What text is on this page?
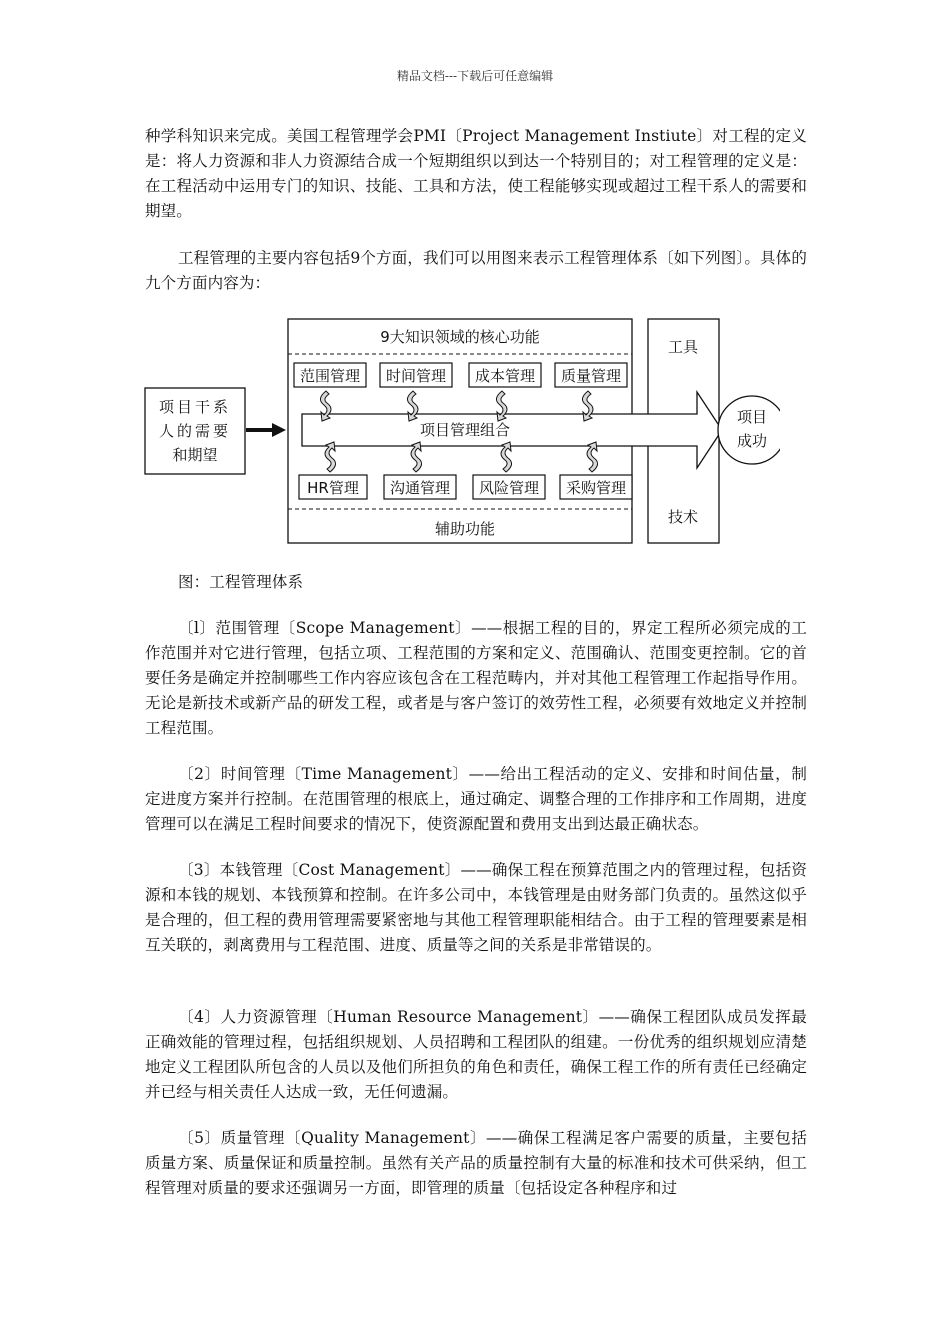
精品文档---下载后可任意编辑

种学科知识来完成。美国工程管理学会PMI〔Project Management Instiute〕对工程的定义是：将人力资源和非人力资源结合成一个短期组织以到达一个特别目的；对工程管理的定义是：在工程活动中运用专门的知识、技能、工具和方法，使工程能够实现或超过工程干系人的需要和期望。

工程管理的主要内容包括9个方面，我们可以用图来表示工程管理体系〔如下列图〕。具体的九个方面内容为：

9大知识领域的核心功能
辅助功能
工具
技术
项目管理组合
项目
成功
项目干系
人的需要
和期望
范围管理 时间管理 成本管理 质量管理
HR管理 沟通管理 风险管理 采购管理
图：工程管理体系

〔l〕范围管理〔Scope Management〕——根据工程的目的，界定工程所必须完成的工作范围并对它进行管理，包括立项、工程范围的方案和定义、范围确认、范围变更控制。它的首要任务是确定并控制哪些工作内容应该包含在工程范畴内，并对其他工程管理工作起指导作用。无论是新技术或新产品的研发工程，或者是与客户签订的效劳性工程，必须要有效地定义并控制工程范围。

〔2〕时间管理〔Time Management〕——给出工程活动的定义、安排和时间估量，制定进度方案并行控制。在范围管理的根底上，通过确定、调整合理的工作排序和工作周期，进度管理可以在满足工程时间要求的情况下，使资源配置和费用支出到达最正确状态。

〔3〕本钱管理〔Cost Management〕——确保工程在预算范围之内的管理过程，包括资源和本钱的规划、本钱预算和控制。在许多公司中，本钱管理是由财务部门负责的。虽然这似乎是合理的，但工程的费用管理需要紧密地与其他工程管理职能相结合。由于工程的管理要素是相互关联的，剥离费用与工程范围、进度、质量等之间的关系是非常错误的。

〔4〕人力资源管理〔Human Resource Management〕——确保工程团队成员发挥最正确效能的管理过程，包括组织规划、人员招聘和工程团队的组建。一份优秀的组织规划应清楚地定义工程团队所包含的人员以及他们所担负的角色和责任，确保工程工作的所有责任已经确定并已经与相关责任人达成一致，无任何遗漏。

〔5〕质量管理〔Quality Management〕——确保工程满足客户需要的质量，主要包括质量方案、质量保证和质量控制。虽然有关产品的质量控制有大量的标准和技术可供采纳，但工程管理对质量的要求还强调另一方面，即管理的质量〔包括设定各种程序和过
